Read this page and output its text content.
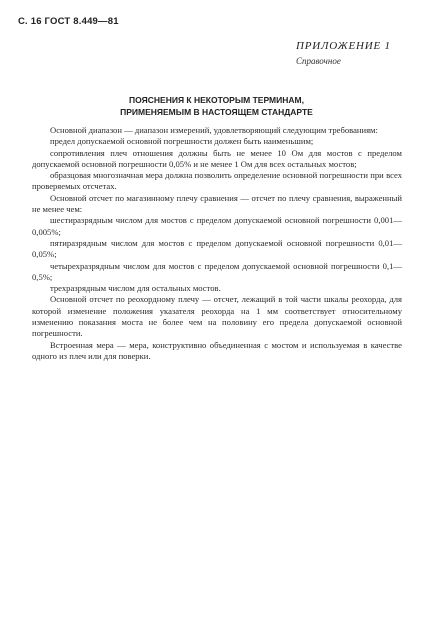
С. 16 ГОСТ 8.449—81
ПРИЛОЖЕНИЕ 1
Справочное
ПОЯСНЕНИЯ К НЕКОТОРЫМ ТЕРМИНАМ,
ПРИМЕНЯЕМЫМ В НАСТОЯЩЕМ СТАНДАРТЕ

Основной диапазон — диапазон измерений, удовлетворяющий следующим требованиям:

предел допускаемой основной погрешности должен быть наименьшим;

сопротивления плеч отношения должны быть не менее 10 Ом для мостов с пределом допускаемой основной погрешности 0,05% и не менее 1 Ом для всех остальных мостов;

образцовая многозначная мера должна позволить определение основной погрешности при всех проверяемых отсчетах.

Основной отсчет по магазинному плечу сравнения — отсчет по плечу сравнения, выраженный не менее чем:

шестиразрядным числом для мостов с пределом допускаемой основной погрешности 0,001—0,005%;

пятиразрядным числом для мостов с пределом допускаемой основной погрешности 0,01—0,05%;

четырехразрядным числом для мостов с пределом допускаемой основной погрешности 0,1—0,5%;

трехразрядным числом для остальных мостов.

Основной отсчет по реохордному плечу — отсчет, лежащий в той части шкалы реохорда, для которой изменение положения указателя реохорда на 1 мм соответствует относительному изменению показания моста не более чем на половину его предела допускаемой основной погрешности.

Встроенная мера — мера, конструктивно объединенная с мостом и используемая в качестве одного из плеч или для поверки.
